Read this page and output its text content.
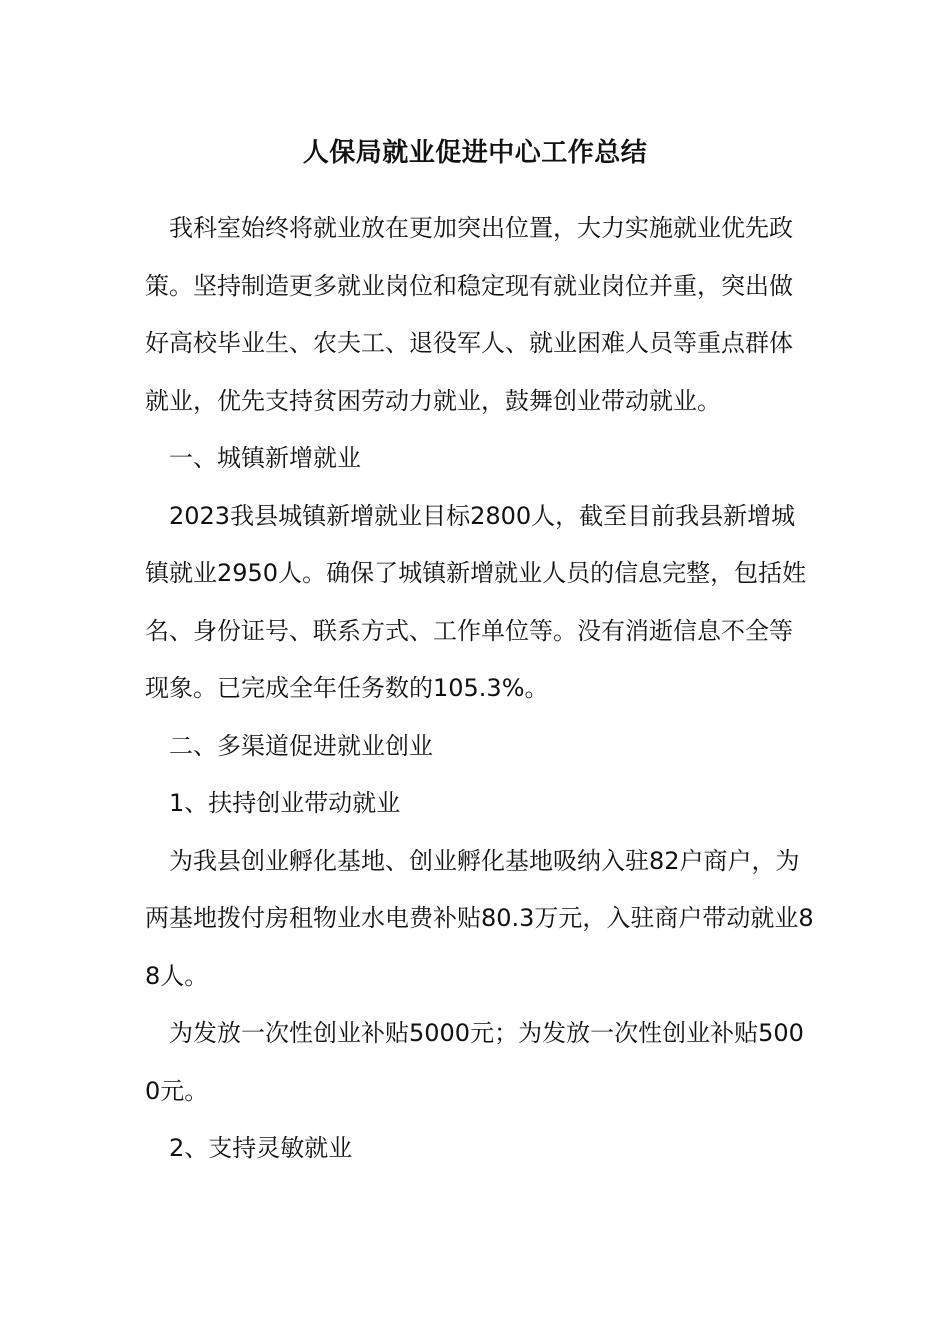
人保局就业促进中心工作总结

我科室始终将就业放在更加突出位置，大力实施就业优先政策。坚持制造更多就业岗位和稳定现有就业岗位并重，突出做好高校毕业生、农夫工、退役军人、就业困难人员等重点群体就业，优先支持贫困劳动力就业，鼓舞创业带动就业。

一、城镇新增就业

2023我县城镇新增就业目标2800人，截至目前我县新增城镇就业2950人。确保了城镇新增就业人员的信息完整，包括姓名、身份证号、联系方式、工作单位等。没有消逝信息不全等现象。已完成全年任务数的105.3%。

二、多渠道促进就业创业

1、扶持创业带动就业

为我县创业孵化基地、创业孵化基地吸纳入驻82户商户，为两基地拨付房租物业水电费补贴80.3万元，入驻商户带动就业88人。

为发放一次性创业补贴5000元；为发放一次性创业补贴5000元。

2、支持灵敏就业
